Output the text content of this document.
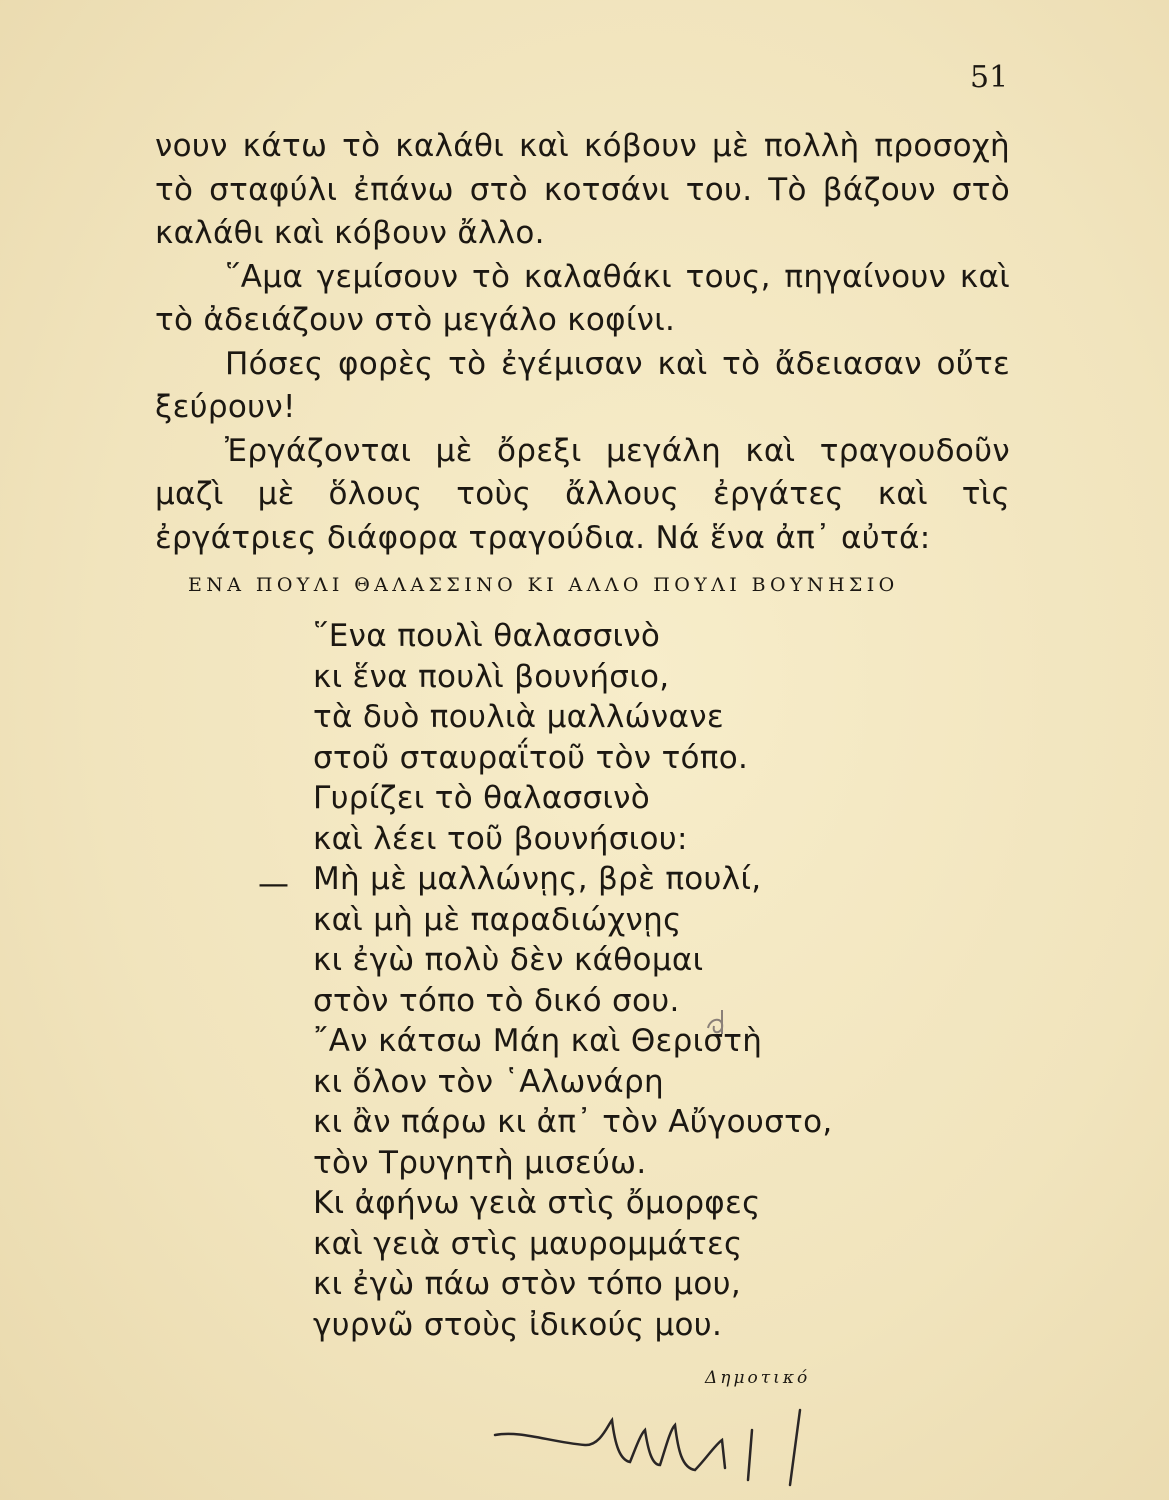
51

νουν κάτω τὸ καλάθι καὶ κόβουν μὲ πολλὴ προσοχὴ τὸ σταφύλι ἐπάνω στὸ κοτσάνι του. Τὸ βάζουν στὸ καλάθι καὶ κόβουν ἄλλο.

῞Αμα γεμίσουν τὸ καλαθάκι τους, πηγαίνουν καὶ τὸ ἀδειάζουν στὸ μεγάλο κοφίνι.

Πόσες φορὲς τὸ ἐγέμισαν καὶ τὸ ἄδειασαν οὔτε ξεύρουν!

Ἐργάζονται μὲ ὄρεξι μεγάλη καὶ τραγουδοῦν μαζὶ μὲ ὅλους τοὺς ἄλλους ἐργάτες καὶ τὶς ἐργάτριες διάφορα τραγούδια. Νά ἕνα ἀπ᾽ αὐτά:

ΕΝΑ ΠΟΥΛΙ ΘΑΛΑΣΣΙΝΟ ΚΙ ΑΛΛΟ ΠΟΥΛΙ ΒΟΥΝΗΣΙΟ
—
῞Ενα πουλὶ θαλασσινὸ
κι ἕνα πουλὶ βουνήσιο,
τὰ δυὸ πουλιὰ μαλλώνανε
στοῦ σταυραΐτοῦ τὸν τόπο.
Γυρίζει τὸ θαλασσινὸ
καὶ λέει τοῦ βουνήσιου:
Μὴ μὲ μαλλώνῃς, βρὲ πουλί,
καὶ μὴ μὲ παραδιώχνῃς
κι ἐγὼ πολὺ δὲν κάθομαι
στὸν τόπο τὸ δικό σου.
῎Αν κάτσω Μάη καὶ Θεριστὴ
κι ὅλον τὸν ῾Αλωνάρη
κι ἂν πάρω κι ἀπ᾽ τὸν Αὔγουστο,
τὸν Τρυγητὴ μισεύω.
Κι ἀφήνω γειὰ στὶς ὄμορφες
καὶ γειὰ στὶς μαυρομμάτες
κι ἐγὼ πάω στὸν τόπο μου,
γυρνῶ στοὺς ἰδικούς μου.
Δημοτικό
